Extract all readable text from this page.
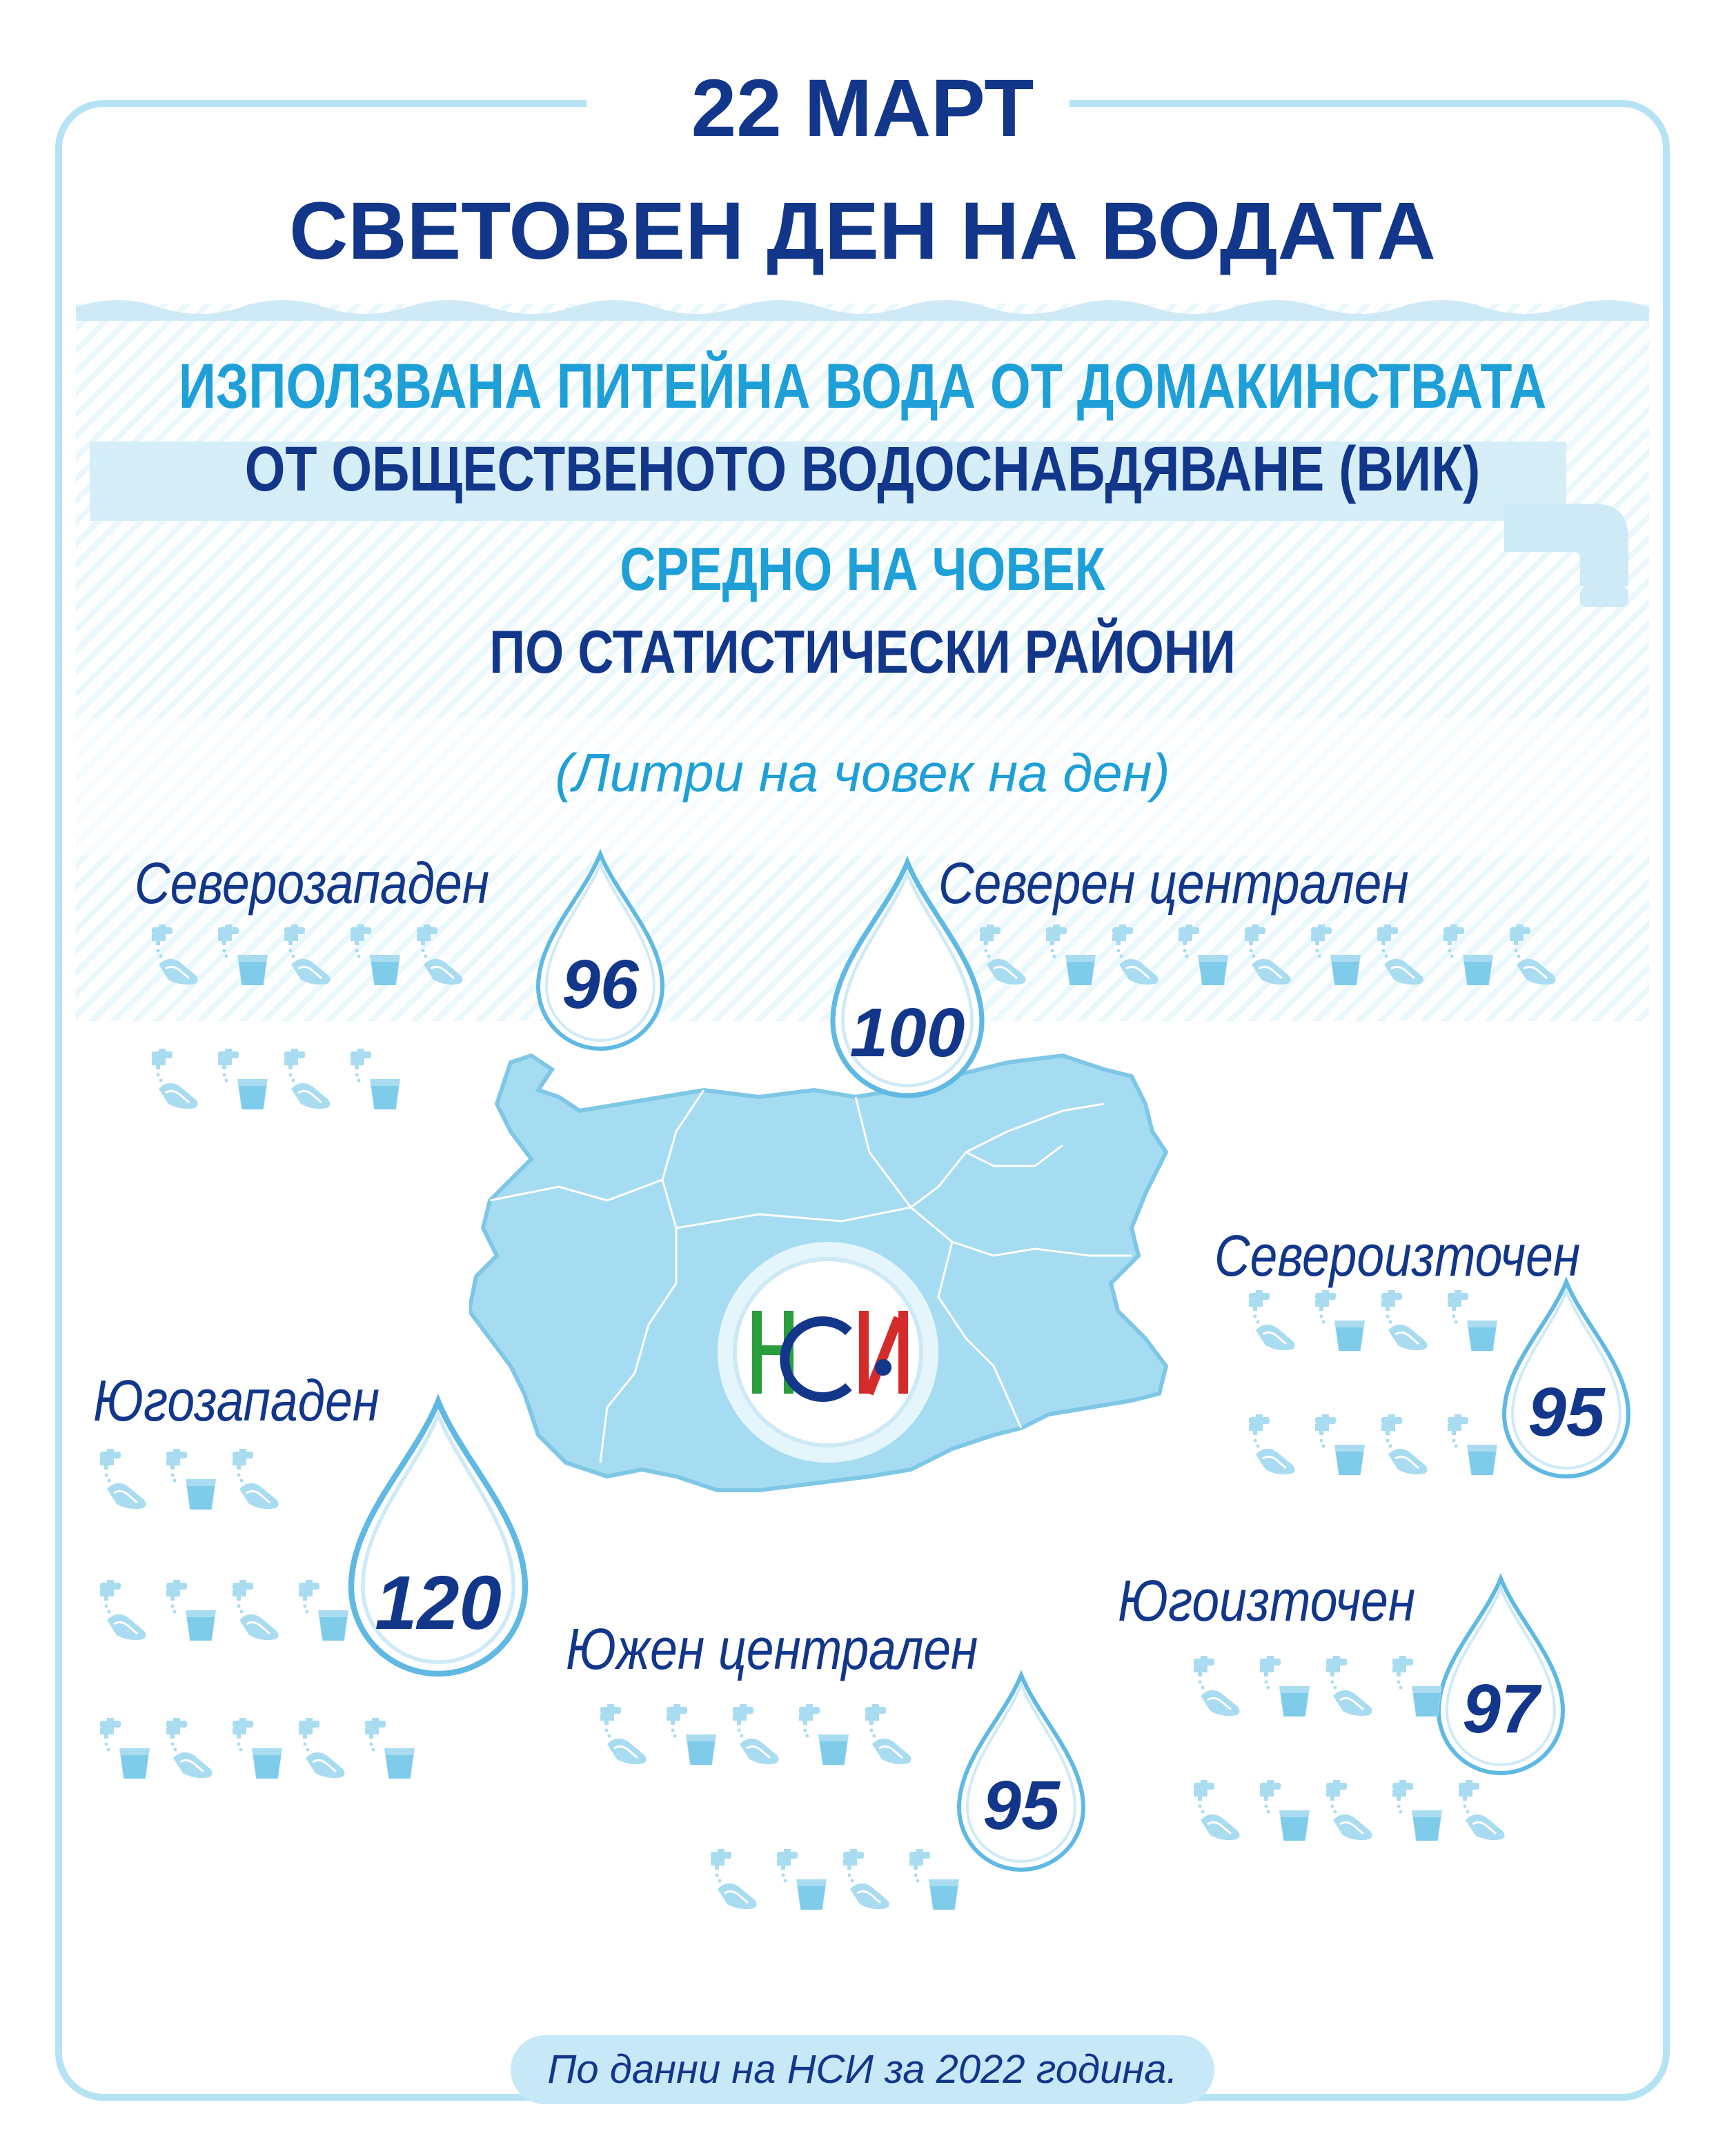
22 МАРТ
СВЕТОВЕН ДЕН НА ВОДАТА
ИЗПОЛЗВАНА ПИТЕЙНА ВОДА ОТ ДОМАКИНСТВАТА
ОТ ОБЩЕСТВЕНОТО ВОДОСНАБДЯВАНЕ (ВИК)
СРЕДНО НА ЧОВЕК
ПО СТАТИСТИЧЕСКИ РАЙОНИ
(Литри на човек на ден)
Северозападен
96
Северен централен
100
Североизточен
95
Югозападен
120
Южен централен
95
Югоизточен
97
По данни на НСИ за 2022 година.
